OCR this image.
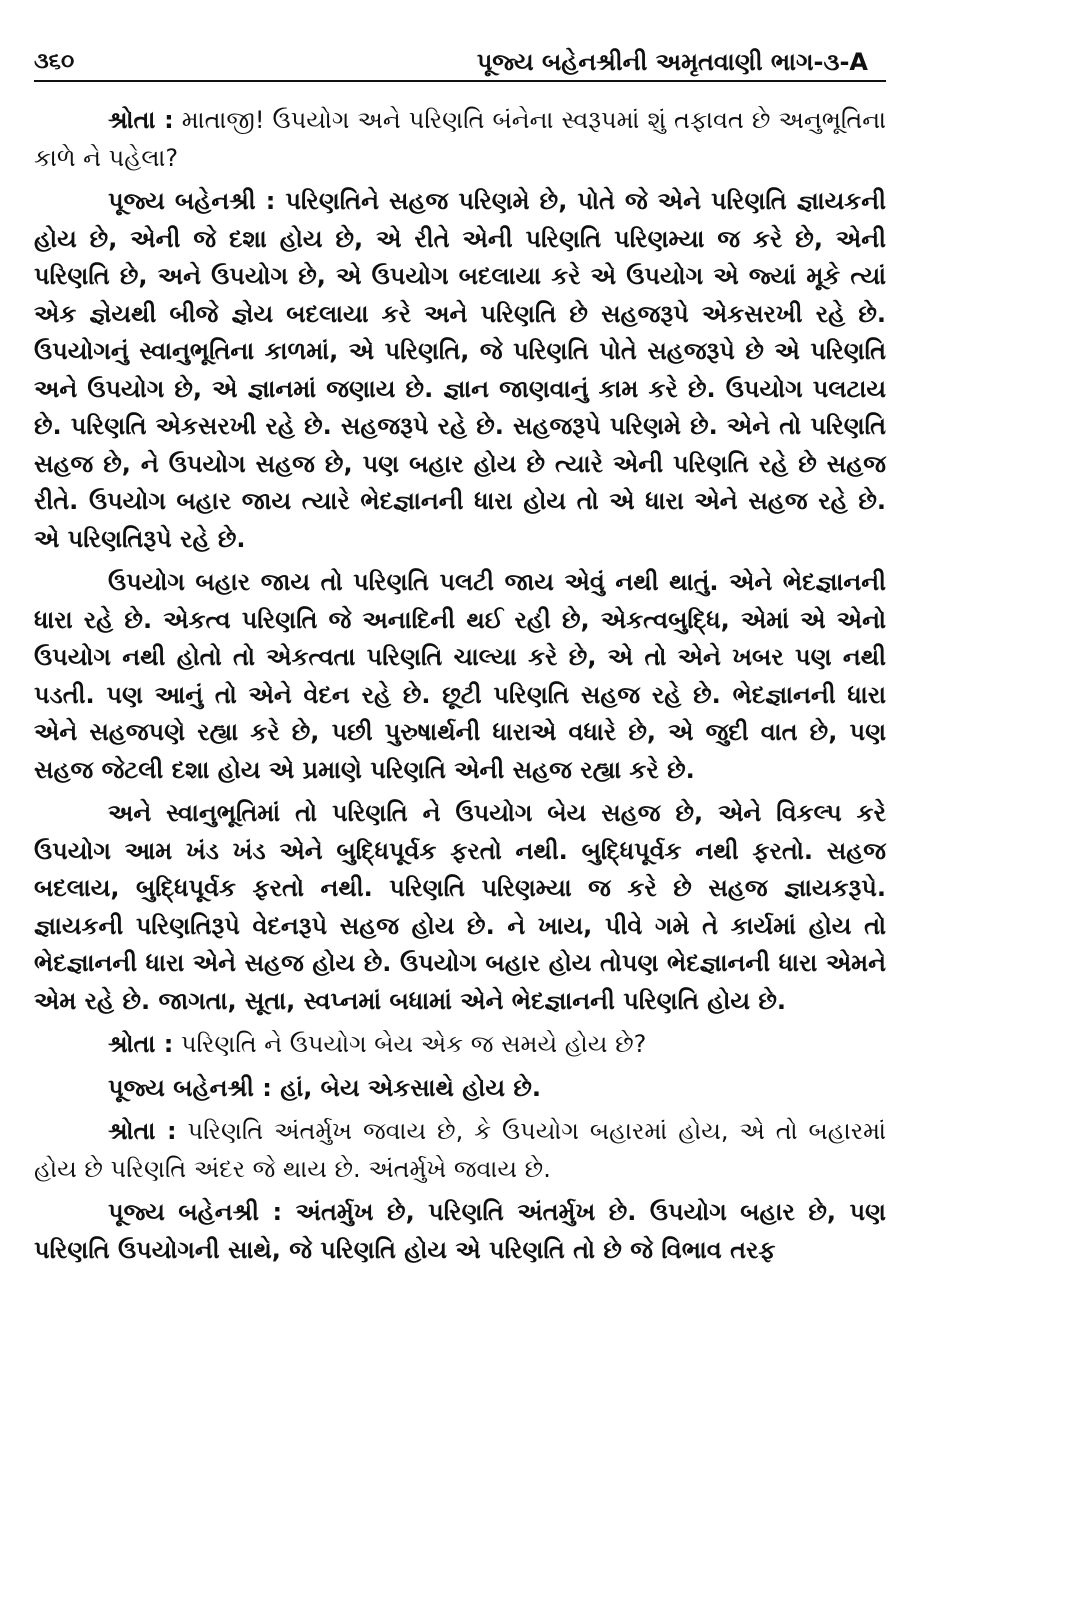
૩૬૦	પૂજ્ય બહેનશ્રીની અમૃતવાણી ભાગ-૩-A

શ્રોતા : માતાજી! ઉપયોગ અને પરિણતિ બંનેના સ્વરૂપમાં શું તફાવત છે અનુભૂતિના કાળે ને પહેલા?

પૂજ્ય બહેનશ્રી : પરિણતિને સહજ પરિણમે છે, પોતે જે એને પરિણતિ જ્ઞાયકની હોય છે, એની જે દશા હોય છે, એ રીતે એની પરિણતિ પરિણમ્યા જ કરે છે, એની પરિણતિ છે, અને ઉપયોગ છે, એ ઉપયોગ બદલાયા કરે એ ઉપયોગ એ જ્યાં મૂકે ત્યાં એક જ્ઞેયથી બીજે જ્ઞેય બદલાયા કરે અને પરિણતિ છે સહજરૂપે એકસરખી રહે છે. ઉપયોગનું સ્વાનુભૂતિના કાળમાં, એ પરિણતિ, જે પરિણતિ પોતે સહજરૂપે છે એ પરિણતિ અને ઉપયોગ છે, એ જ્ઞાનમાં જણાય છે. જ્ઞાન જાણવાનું કામ કરે છે. ઉપયોગ પલટાય છે. પરિણતિ એકસરખી રહે છે. સહજરૂપે રહે છે. સહજરૂપે પરિણમે છે. એને તો પરિણતિ સહજ છે, ને ઉપયોગ સહજ છે, પણ બહાર હોય છે ત્યારે એની પરિણતિ રહે છે સહજ રીતે. ઉપયોગ બહાર જાય ત્યારે ભેદજ્ઞાનની ધારા હોય તો એ ધારા એને સહજ રહે છે. એ પરિણતિરૂપે રહે છે.

ઉપયોગ બહાર જાય તો પરિણતિ પલટી જાય એવું નથી થાતું. એને ભેદજ્ઞાનની ધારા રહે છે. એકત્વ પરિણતિ જે અનાદિની થઈ રહી છે, એકત્વબુદ્ધિ, એમાં એ એનો ઉપયોગ નથી હોતો તો એકત્વતા પરિણતિ ચાલ્યા કરે છે, એ તો એને ખબર પણ નથી પડતી. પણ આનું તો એને વેદન રહે છે. છૂટી પરિણતિ સહજ રહે છે. ભેદજ્ઞાનની ધારા એને સહજપણે રહ્યા કરે છે, પછી પુરુષાર્થની ધારાએ વધારે છે, એ જુદી વાત છે, પણ સહજ જેટલી દશા હોય એ પ્રમાણે પરિણતિ એની સહજ રહ્યા કરે છે.

અને સ્વાનુભૂતિમાં તો પરિણતિ ને ઉપયોગ બેય સહજ છે, એને વિકલ્પ કરે ઉપયોગ આમ ખંડ ખંડ એને બુદ્ધિપૂર્વક ફરતો નથી. બુદ્ધિપૂર્વક નથી ફરતો. સહજ બદલાય, બુદ્ધિપૂર્વક ફરતો નથી. પરિણતિ પરિણમ્યા જ કરે છે સહજ જ્ઞાયકરૂપે. જ્ઞાયકની પરિણતિરૂપે વેદનરૂપે સહજ હોય છે. ને ખાય, પીવે ગમે તે કાર્યમાં હોય તો ભેદજ્ઞાનની ધારા એને સહજ હોય છે. ઉપયોગ બહાર હોય તોપણ ભેદજ્ઞાનની ધારા એમને એમ રહે છે. જાગતા, સૂતા, સ્વપ્નમાં બધામાં એને ભેદજ્ઞાનની પરિણતિ હોય છે.

શ્રોતા : પરિણતિ ને ઉપયોગ બેય એક જ સમયે હોય છે?

પૂજ્ય બહેનશ્રી : હાં, બેય એકસાથે હોય છે.

શ્રોતા : પરિણતિ અંતર્મુખ જવાય છે, કે ઉપયોગ બહારમાં હોય, એ તો બહારમાં હોય છે પરિણતિ અંદર જે થાય છે. અંતર્મુખે જવાય છે.

પૂજ્ય બહેનશ્રી : અંતર્મુખ છે, પરિણતિ અંતર્મુખ છે. ઉપયોગ બહાર છે, પણ પરિણતિ ઉપયોગની સાથે, જે પરિણતિ હોય એ પરિણતિ તો છે જે વિભાવ તરફ
